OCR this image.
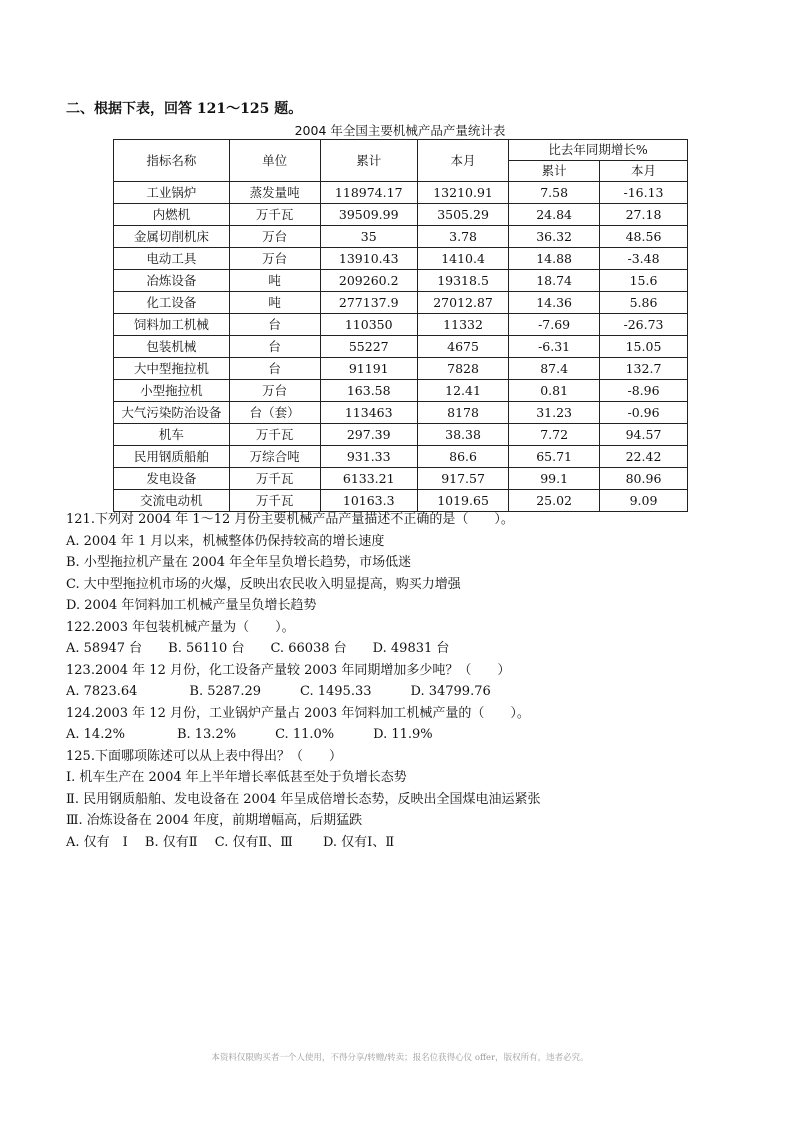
二、根据下表，回答 121～125 题。
2004 年全国主要机械产品产量统计表
指标名称	单位	累计	本月	比去年同期增长%	
				累计	本月
工业锅炉	蒸发量吨	118974.17	13210.91	7.58	-16.13
内燃机	万千瓦	39509.99	3505.29	24.84	27.18
金属切削机床	万台	35	3.78	36.32	48.56
电动工具	万台	13910.43	1410.4	14.88	-3.48
冶炼设备	吨	209260.2	19318.5	18.74	15.6
化工设备	吨	277137.9	27012.87	14.36	5.86
饲料加工机械	台	110350	11332	-7.69	-26.73
包装机械	台	55227	4675	-6.31	15.05
大中型拖拉机	台	91191	7828	87.4	132.7
小型拖拉机	万台	163.58	12.41	0.81	-8.96
大气污染防治设备	台（套）	113463	8178	31.23	-0.96
机车	万千瓦	297.39	38.38	7.72	94.57
民用钢质船舶	万综合吨	931.33	86.6	65.71	22.42
发电设备	万千瓦	6133.21	917.57	99.1	80.96
交流电动机	万千瓦	10163.3	1019.65	25.02	9.09
121.下列对 2004 年 1～12 月份主要机械产品产量描述不正确的是（　　）。
A. 2004 年 1 月以来，机械整体仍保持较高的增长速度
B. 小型拖拉机产量在 2004 年全年呈负增长趋势，市场低迷
C. 大中型拖拉机市场的火爆，反映出农民收入明显提高，购买力增强
D. 2004 年饲料加工机械产量呈负增长趋势
122.2003 年包装机械产量为（　　）。
A. 58947 台　　B. 56110 台　　C. 66038 台　　D. 49831 台
123.2004 年 12 月份，化工设备产量较 2003 年同期增加多少吨？（　　）
A. 7823.64　　　　B. 5287.29　　　C. 1495.33　　　D. 34799.76
124.2003 年 12 月份，工业锅炉产量占 2003 年饲料加工机械产量的（　　）。
A. 14.2%　　　　B. 13.2%　　　C. 11.0%　　　D. 11.9%
125.下面哪项陈述可以从上表中得出？（　　）
Ⅰ. 机车生产在 2004 年上半年增长率低甚至处于负增长态势
Ⅱ. 民用钢质船舶、发电设备在 2004 年呈成倍增长态势，反映出全国煤电油运紧张
Ⅲ. 冶炼设备在 2004 年度，前期增幅高，后期猛跌
A. 仅有　Ⅰ　 B. 仅有Ⅱ　 C. 仅有Ⅱ、Ⅲ　　 D. 仅有Ⅰ、Ⅱ
本资料仅限购买者一个人使用，不得分享/转赠/转卖；报名位获得心仪 offer，版权所有，违者必究。
